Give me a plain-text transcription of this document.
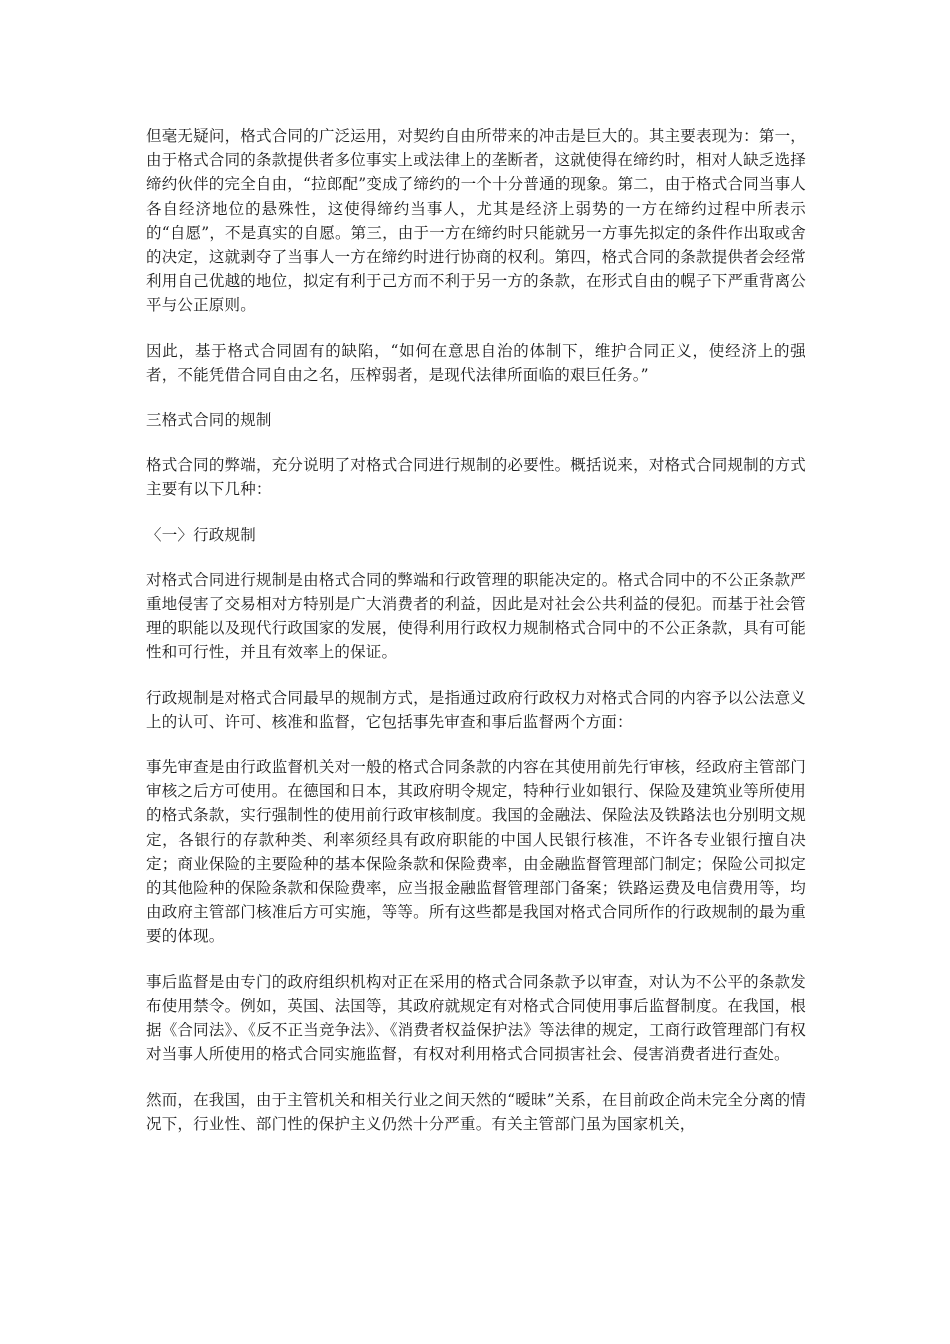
但毫无疑问，格式合同的广泛运用，对契约自由所带来的冲击是巨大的。其主要表现为：第一，由于格式合同的条款提供者多位事实上或法律上的垄断者，这就使得在缔约时，相对人缺乏选择缔约伙伴的完全自由，“拉郎配”变成了缔约的一个十分普通的现象。第二，由于格式合同当事人各自经济地位的悬殊性，这使得缔约当事人，尤其是经济上弱势的一方在缔约过程中所表示的“自愿”，不是真实的自愿。第三，由于一方在缔约时只能就另一方事先拟定的条件作出取或舍的决定，这就剥夺了当事人一方在缔约时进行协商的权利。第四，格式合同的条款提供者会经常利用自己优越的地位，拟定有利于己方而不利于另一方的条款，在形式自由的幌子下严重背离公平与公正原则。

因此，基于格式合同固有的缺陷，“如何在意思自治的体制下，维护合同正义，使经济上的强者，不能凭借合同自由之名，压榨弱者，是现代法律所面临的艰巨任务。”

三格式合同的规制

格式合同的弊端，充分说明了对格式合同进行规制的必要性。概括说来，对格式合同规制的方式主要有以下几种：

〈一〉行政规制

对格式合同进行规制是由格式合同的弊端和行政管理的职能决定的。格式合同中的不公正条款严重地侵害了交易相对方特别是广大消费者的利益，因此是对社会公共利益的侵犯。而基于社会管理的职能以及现代行政国家的发展，使得利用行政权力规制格式合同中的不公正条款，具有可能性和可行性，并且有效率上的保证。

行政规制是对格式合同最早的规制方式，是指通过政府行政权力对格式合同的内容予以公法意义上的认可、许可、核准和监督，它包括事先审查和事后监督两个方面：

事先审查是由行政监督机关对一般的格式合同条款的内容在其使用前先行审核，经政府主管部门审核之后方可使用。在德国和日本，其政府明令规定，特种行业如银行、保险及建筑业等所使用的格式条款，实行强制性的使用前行政审核制度。我国的金融法、保险法及铁路法也分别明文规定，各银行的存款种类、利率须经具有政府职能的中国人民银行核准，不许各专业银行擅自决定；商业保险的主要险种的基本保险条款和保险费率，由金融监督管理部门制定；保险公司拟定的其他险种的保险条款和保险费率，应当报金融监督管理部门备案；铁路运费及电信费用等，均由政府主管部门核准后方可实施，等等。所有这些都是我国对格式合同所作的行政规制的最为重要的体现。

事后监督是由专门的政府组织机构对正在采用的格式合同条款予以审查，对认为不公平的条款发布使用禁令。例如，英国、法国等，其政府就规定有对格式合同使用事后监督制度。在我国，根据《合同法》、《反不正当竞争法》、《消费者权益保护法》等法律的规定，工商行政管理部门有权对当事人所使用的格式合同实施监督，有权对利用格式合同损害社会、侵害消费者进行查处。

然而，在我国，由于主管机关和相关行业之间天然的“暧昧”关系，在目前政企尚未完全分离的情况下，行业性、部门性的保护主义仍然十分严重。有关主管部门虽为国家机关，
